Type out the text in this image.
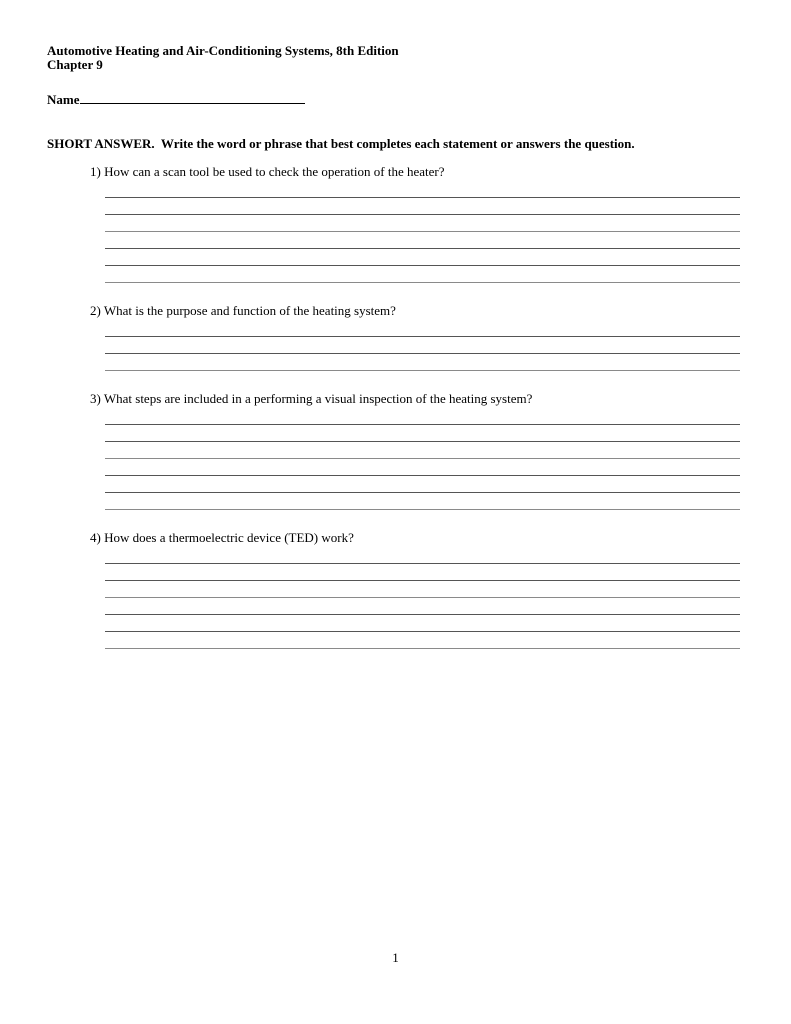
Automotive Heating and Air-Conditioning Systems, 8th Edition
Chapter 9
Name
SHORT ANSWER.  Write the word or phrase that best completes each statement or answers the question.
1) How can a scan tool be used to check the operation of the heater?
2) What is the purpose and function of the heating system?
3) What steps are included in a performing a visual inspection of the heating system?
4) How does a thermoelectric device (TED) work?
1
